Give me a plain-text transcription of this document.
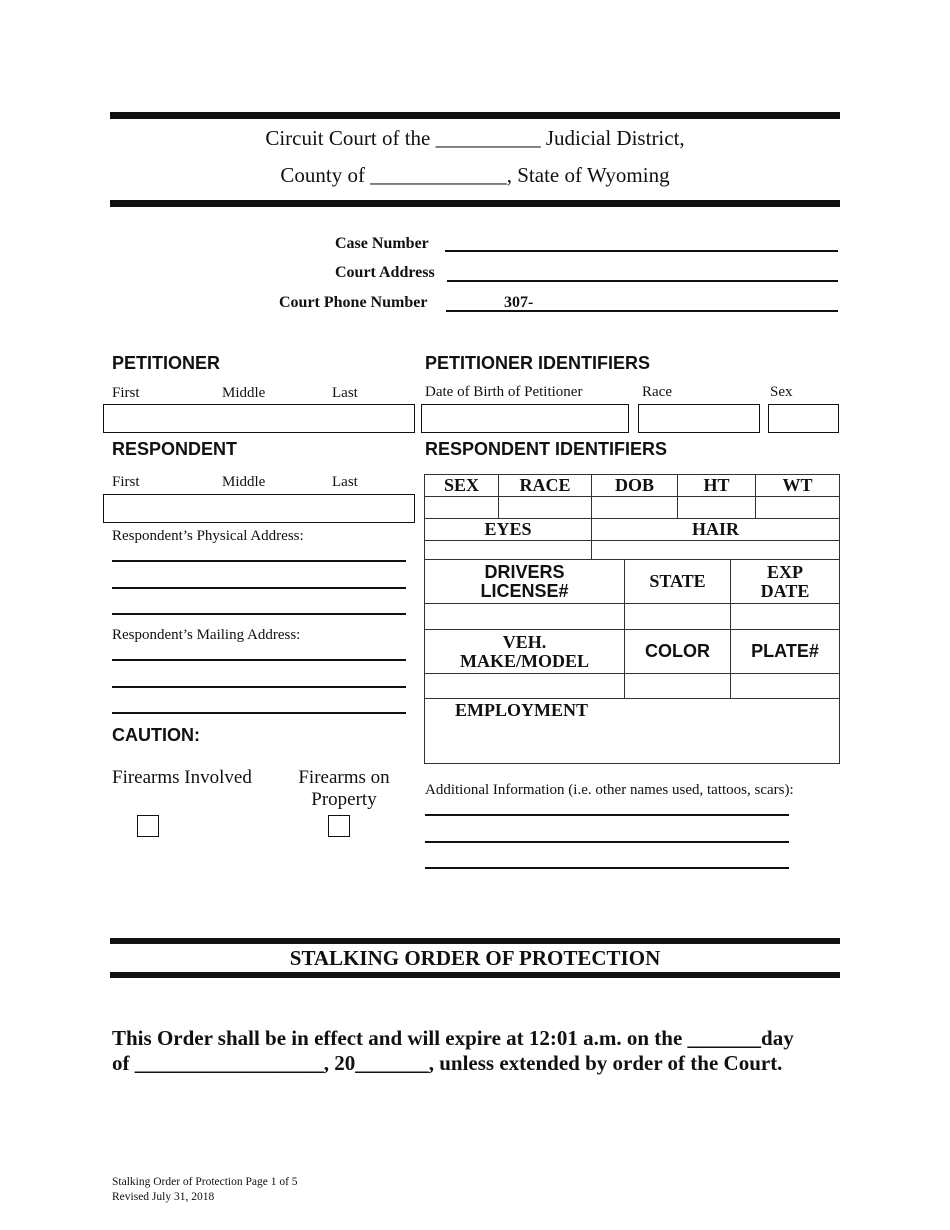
Circuit Court of the __________ Judicial District,
County of _____________, State of Wyoming
Case Number
Court Address
Court Phone Number	307-
PETITIONER
First	Middle	Last
PETITIONER IDENTIFIERS
Date of Birth of Petitioner	Race	Sex
RESPONDENT
First	Middle	Last
Respondent’s Physical Address:
Respondent’s Mailing Address:
CAUTION:
Firearms Involved Firearms on Property
RESPONDENT IDENTIFIERS
SEX	RACE	DOB	HT	WT
EYES	HAIR
DRIVERS LICENSE#	STATE	EXP DATE
VEH. MAKE/MODEL	COLOR	PLATE#
EMPLOYMENT
Additional Information (i.e. other names used, tattoos, scars):
STALKING ORDER OF PROTECTION
This Order shall be in effect and will expire at 12:01 a.m. on the _______day
of __________________, 20_______, unless extended by order of the Court.
Stalking Order of Protection Page 1 of 5
Revised July 31, 2018
